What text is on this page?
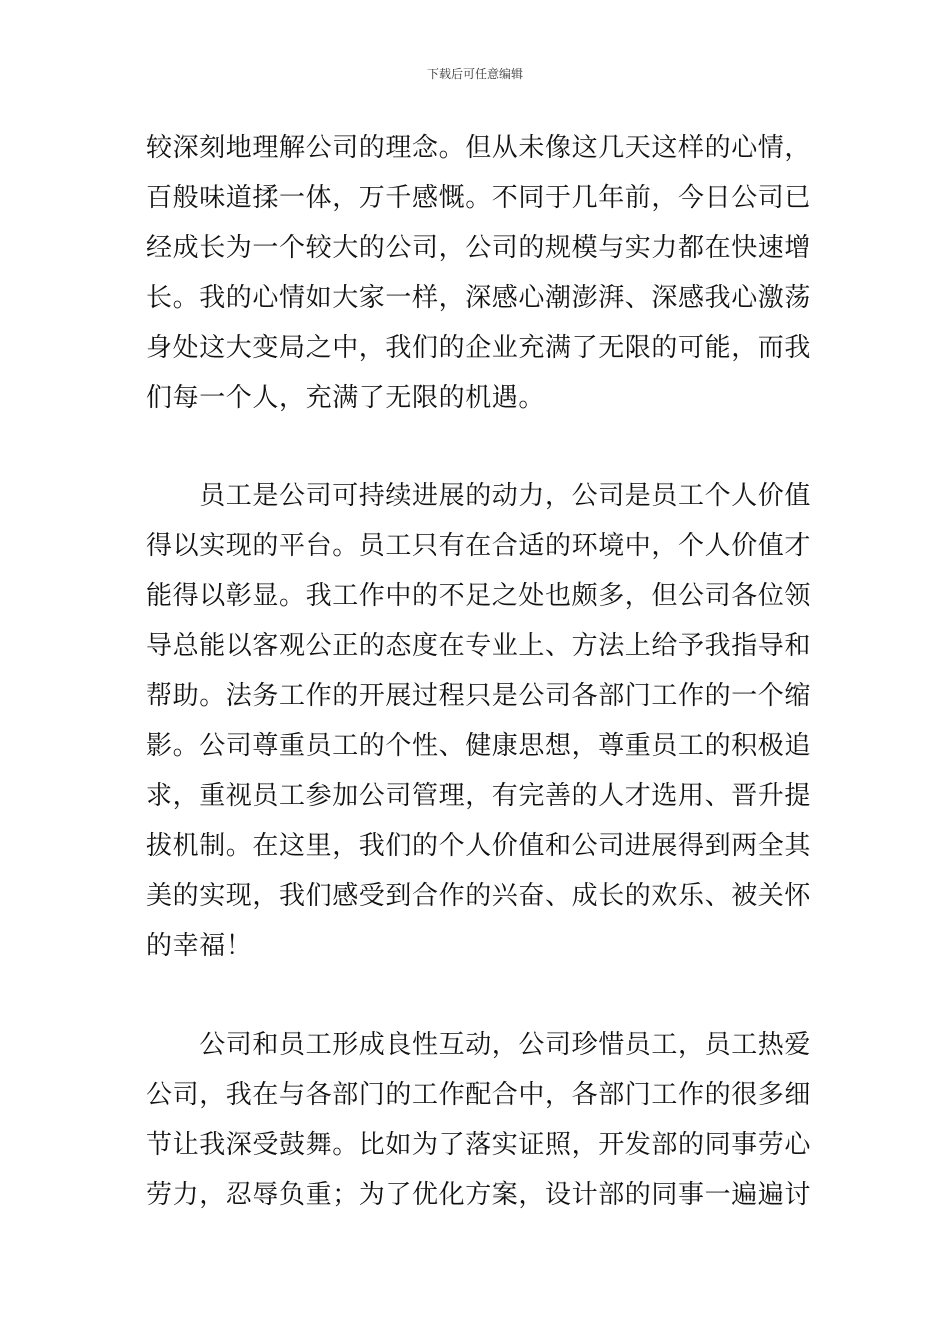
下载后可任意编辑
较深刻地理解公司的理念。但从未像这几天这样的心情，
百般味道揉一体，万千感慨。不同于几年前，今日公司已
经成长为一个较大的公司，公司的规模与实力都在快速增
长。我的心情如大家一样，深感心潮澎湃、深感我心激荡
身处这大变局之中，我们的企业充满了无限的可能，而我
们每一个人，充满了无限的机遇。
　　员工是公司可持续进展的动力，公司是员工个人价值
得以实现的平台。员工只有在合适的环境中，个人价值才
能得以彰显。我工作中的不足之处也颇多，但公司各位领
导总能以客观公正的态度在专业上、方法上给予我指导和
帮助。法务工作的开展过程只是公司各部门工作的一个缩
影。公司尊重员工的个性、健康思想，尊重员工的积极追
求，重视员工参加公司管理，有完善的人才选用、晋升提
拔机制。在这里，我们的个人价值和公司进展得到两全其
美的实现，我们感受到合作的兴奋、成长的欢乐、被关怀
的幸福！
　　公司和员工形成良性互动，公司珍惜员工，员工热爱
公司，我在与各部门的工作配合中，各部门工作的很多细
节让我深受鼓舞。比如为了落实证照，开发部的同事劳心
劳力，忍辱负重；为了优化方案，设计部的同事一遍遍讨
